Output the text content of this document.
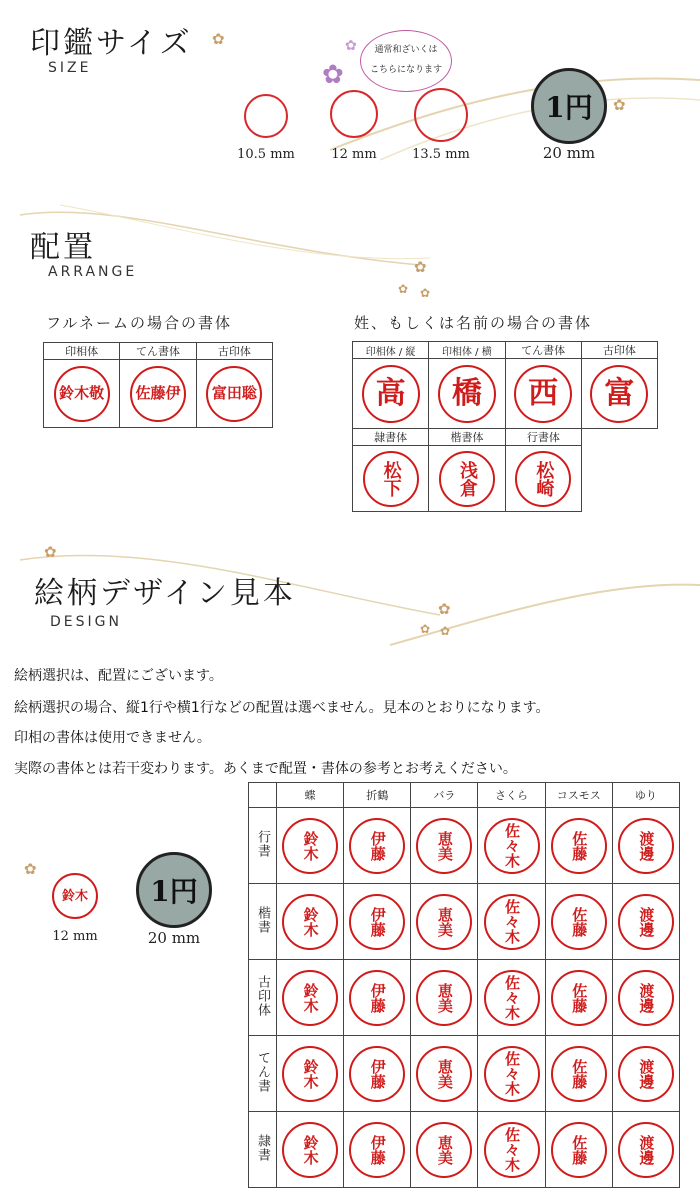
印鑑サイズ
SIZE
✿
✿
✿	通常和ざいくは
こちらになります
10.5 mm	12 mm	13.5 mm
1円
20 mm
✿
配置
ARRANGE	✿
✿ ✿
フルネームの場合の書体
印相体	てん書体	古印体

鈴木敬	佐藤伊	富田聡
姓、もしくは名前の場合の書体
印相体 / 縦	印相体 / 横	てん書体	古印体

高	橋	西	富
隷書体	楷書体	行書体

松下	浅倉	松崎
✿
絵柄デザイン見本
DESIGN
✿
✿ ✿
絵柄選択は、配置にございます。
絵柄選択の場合、縦1行や横1行などの配置は選べません。見本のとおりになります。
印相の書体は使用できません。
実際の書体とは若干変わります。あくまで配置・書体の参考とお考えください。
✿
鈴木
12 mm
1円
20 mm
	蝶	折鶴	バラ	さくら	コスモス	ゆり
行書	鈴木	伊藤	恵美	佐々木	佐藤	渡邊

楷書	鈴木	伊藤	恵美	佐々木	佐藤	渡邊

古印体	鈴木	伊藤	恵美	佐々木	佐藤	渡邊

てん書	鈴木	伊藤	恵美	佐々木	佐藤	渡邊

隷書	鈴木	伊藤	恵美	佐々木	佐藤	渡邊
